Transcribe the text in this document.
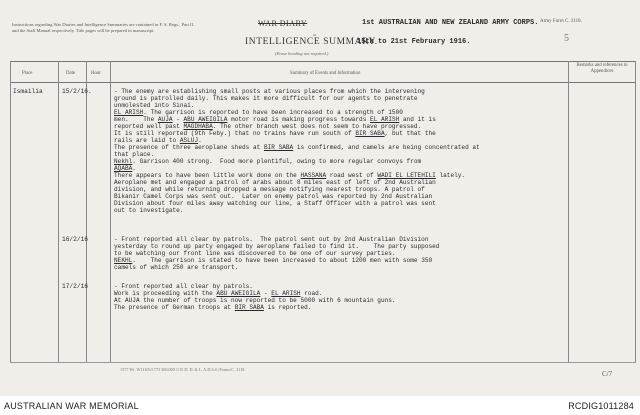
Instructions regarding War Diaries and Intelligence Summaries are contained in F. S. Regs., Part II. and the Staff Manual respectively. Title pages will be prepared in manuscript.
Army Form C. 2118.
WAR DIARY
or
INTELLIGENCE SUMMARY.
(Erase heading not required.)
1st AUSTRALIAN AND NEW ZEALAND ARMY CORPS.
15th to 21st February 1916.	5
Place	Date	Hour	Summary of Events and Information
Remarks and references to Appendices
Ismailia	15/2/16.	- The enemy are establishing small posts at various places from which the intervening
ground is patrolled daily. This makes it more difficult for our agents to penetrate
unmolested into Sinai.
EL ARISH. The garrison is reported to have been increased to a strength of 1500
men.    The AUJA - ABU AWEIGILA motor road is making progress towards EL ARISH and it is
reported well past MAGDHABA. The other branch west does not seem to have progressed.
It is still reported (9th Feby.) that no trains have run south of BIR SABA, but that the
rails are laid to ASLUJ.
The presence of three aeroplane sheds at BIR SABA is confirmed, and camels are being concentrated at
that place.
Nekhl. Garrison 400 strong.  Food more plentiful, owing to more regular convoys from
AQABA.
There appears to have been little work done on the HASSANA road west of WADI EL LETEHILI lately.
Aeroplane met and engaged a patrol of arabs about 8 miles east of left of 2nd Australian
division, and while returning dropped a message notifying nearest troops. A patrol of
Bikanir Camel Corps was sent out.  Later on enemy patrol was reported by 2nd Australian
Division about four miles away watching our line, a Staff Officer with a patrol was sent
out to investigate.
16/2/16	- Front reported all clear by patrols.  The patrol sent out by 2nd Australian Division
yesterday to round up party engaged by aeroplane failed to find it.    The party supposed
to be watching our front line was discovered to be one of our survey parties.
NEKHL.    The garrison is stated to have been increased to about 1200 men with some 350
camels of which 250 are transport.
17/2/16	- Front reported all clear by patrols.
Work is proceeding with the ABU AWEIGILA - EL ARISH road.
At AUJA the number of troops is now reported to be 5000 with 6 mountain guns.
The presence of German troops at BIR SABA is reported.
1577 Wt. W11103/1773 300,000 1/15 D. D. & L. A.D.S.S./Forms/C. 2118.
C/7
AUSTRALIAN WAR MEMORIAL	RCDIG1011284
